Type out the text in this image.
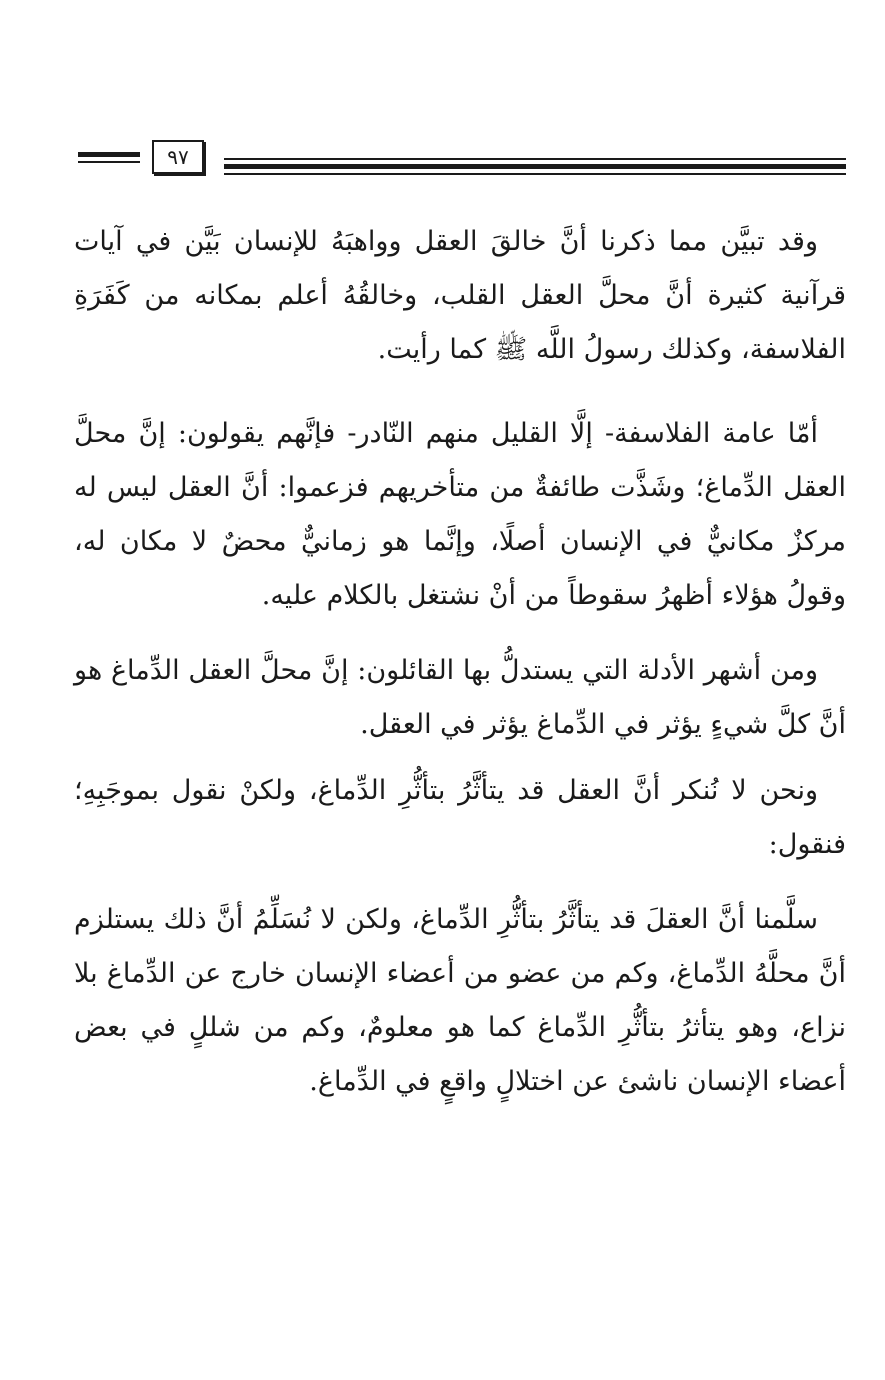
٩٧

وقد تبيَّن مما ذكرنا أنَّ خالقَ العقل وواهبَهُ للإنسان بَيَّن في آيات قرآنية كثيرة أنَّ محلَّ العقل القلب، وخالقُهُ أعلم بمكانه من كَفَرَةِ الفلاسفة، وكذلك رسولُ اللَّه ﷺ كما رأيت.

أمّا عامة الفلاسفة- إلَّا القليل منهم النّادر- فإنَّهم يقولون: إنَّ محلَّ العقل الدِّماغ؛ وشَذَّت طائفةٌ من متأخريهم فزعموا: أنَّ العقل ليس له مركزٌ مكانيٌّ في الإنسان أصلًا، وإنَّما هو زمانيٌّ محضٌ لا مكان له، وقولُ هؤلاء أظهرُ سقوطاً من أنْ نشتغل بالكلام عليه.

ومن أشهر الأدلة التي يستدلُّ بها القائلون: إنَّ محلَّ العقل الدِّماغ هو أنَّ كلَّ شيءٍ يؤثر في الدِّماغ يؤثر في العقل.

ونحن لا نُنكر أنَّ العقل قد يتأثَّرُ بتأثُّرِ الدِّماغ، ولكنْ نقول بموجَبِهِ؛ فنقول:

سلَّمنا أنَّ العقلَ قد يتأثَّرُ بتأثُّرِ الدِّماغ، ولكن لا نُسَلِّمُ أنَّ ذلك يستلزم أنَّ محلَّهُ الدِّماغ، وكم من عضو من أعضاء الإنسان خارج عن الدِّماغ بلا نزاع، وهو يتأثرُ بتأثُّرِ الدِّماغ كما هو معلومٌ، وكم من شللٍ في بعض أعضاء الإنسان ناشئ عن اختلالٍ واقعٍ في الدِّماغ.
